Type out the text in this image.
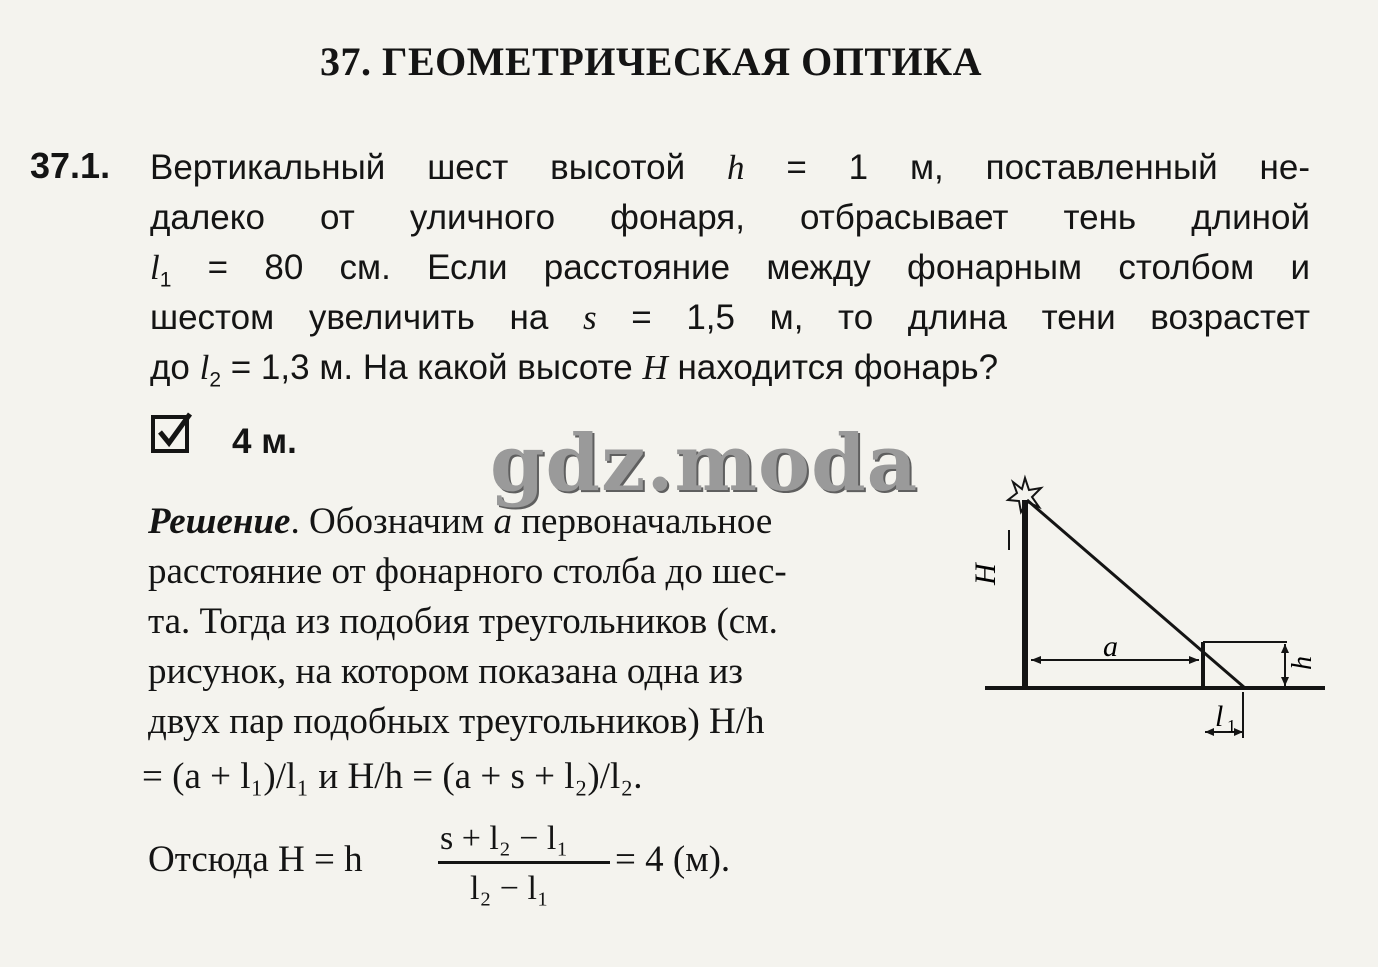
37. ГЕОМЕТРИЧЕСКАЯ ОПТИКА
37.1. Вертикальный шест высотой h = 1 м, поставленный не-
далеко от уличного фонаря, отбрасывает тень длиной
$l_1 = 80$ см. Если расстояние между фонарным столбом и
шестом увеличить на s = 1,5 м, то длина тени возрастет
до $l_2 = 1,3$ м. На какой высоте H находится фонарь?
4 м. gdz.moda
Решение. Обозначим a первоначальное
расстояние от фонарного столба до шес-
та. Тогда из подобия треугольников (см.
рисунок, на котором показана одна из
двух пар подобных треугольников) H/h
= (a + l₁)/l₁ и H/h = (a + s + l₂)/l₂.
Отсюда H = h
s + l₂ − l₁
l₂ − l₁
= 4 (м).
H
a	h
l 1
